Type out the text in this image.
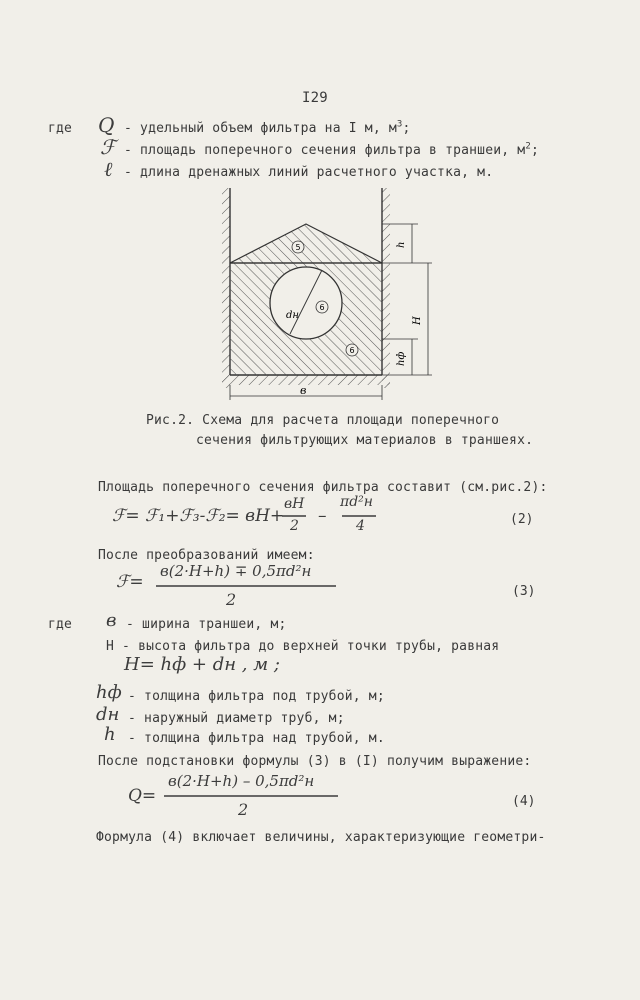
I29
где Q - удельный объем фильтра на I м, $м^3$;
ℱ - площадь поперечного сечения фильтра в траншеи, $м^2$;
ℓ - длина дренажных линий расчетного участка, м.
5
6
6
dн
h
H
hф
в
Рис.2. Схема для расчета площади поперечного
сечения фильтрующих материалов в траншеях.
Площадь поперечного сечения фильтра составит (см.рис.2):
ℱ= ℱ₁+ℱ₃-ℱ₂= вH+
вH
2 –
πd²н
4	(2)
После преобразований имеем:
ℱ=
в(2·H+h) ∓ 0,5πd²н
2	(3)
где в - ширина траншеи, м;
H - высота фильтра до верхней точки трубы, равная
H= hф + dн , м ;
hф - толщина фильтра под трубой, м;
dн - наружный диаметр труб, м;
h - толщина фильтра над трубой, м.
После подстановки формулы (3) в (I) получим выражение:
Q=
в(2·H+h) – 0,5πd²н
2	(4)
Формула (4) включает величины, характеризующие геометри-
